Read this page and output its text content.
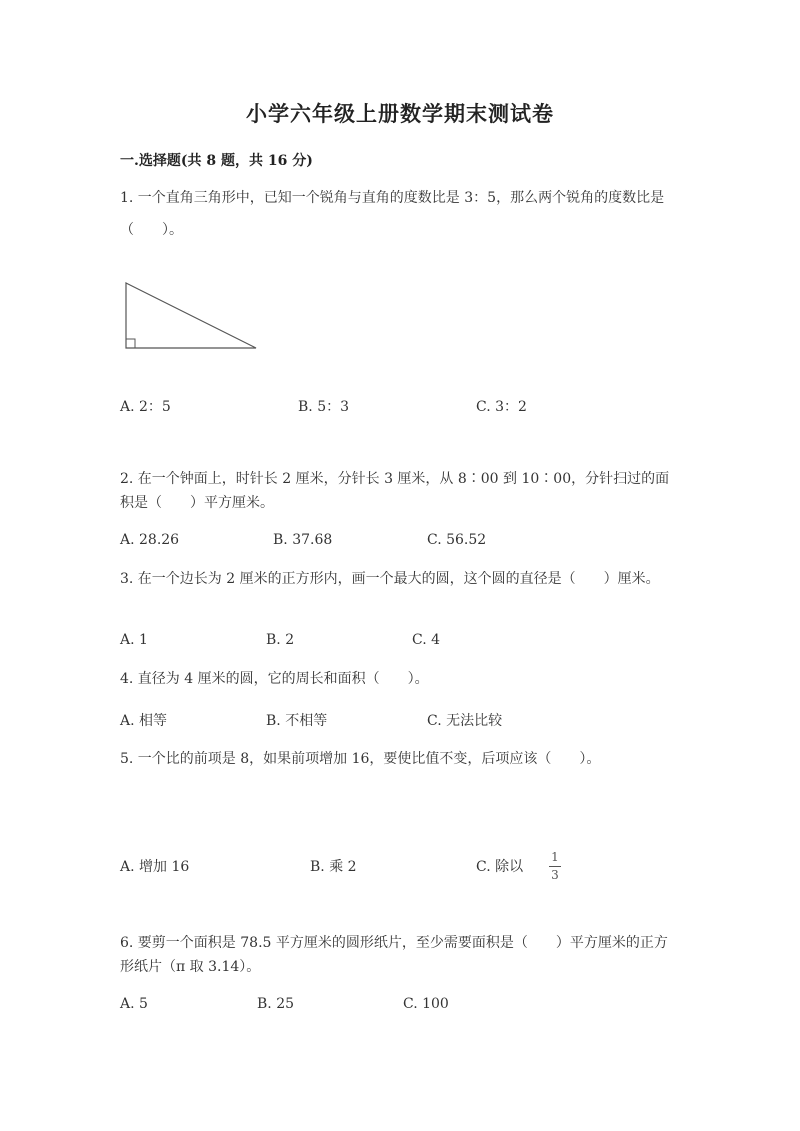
小学六年级上册数学期末测试卷
一.选择题(共 8 题，共 16 分)
1. 一个直角三角形中，已知一个锐角与直角的度数比是 3：5，那么两个锐角的度数比是（　　）。
A. 2：5	B. 5：3	C. 3：2
2. 在一个钟面上，时针长 2 厘米，分针长 3 厘米，从 8∶00 到 10∶00，分针扫过的面积是（　　）平方厘米。
A. 28.26	B. 37.68	C. 56.52
3. 在一个边长为 2 厘米的正方形内，画一个最大的圆，这个圆的直径是（　　）厘米。
A. 1	B. 2	C. 4
4. 直径为 4 厘米的圆，它的周长和面积（　　）。
A. 相等	B. 不相等	C. 无法比较
5. 一个比的前项是 8，如果前项增加 16，要使比值不变，后项应该（　　）。
A. 增加 16	B. 乘 2	C. 除以
1
3
6. 要剪一个面积是 78.5 平方厘米的圆形纸片，至少需要面积是（　　）平方厘米的正方形纸片（π 取 3.14）。
A. 5	B. 25	C. 100
